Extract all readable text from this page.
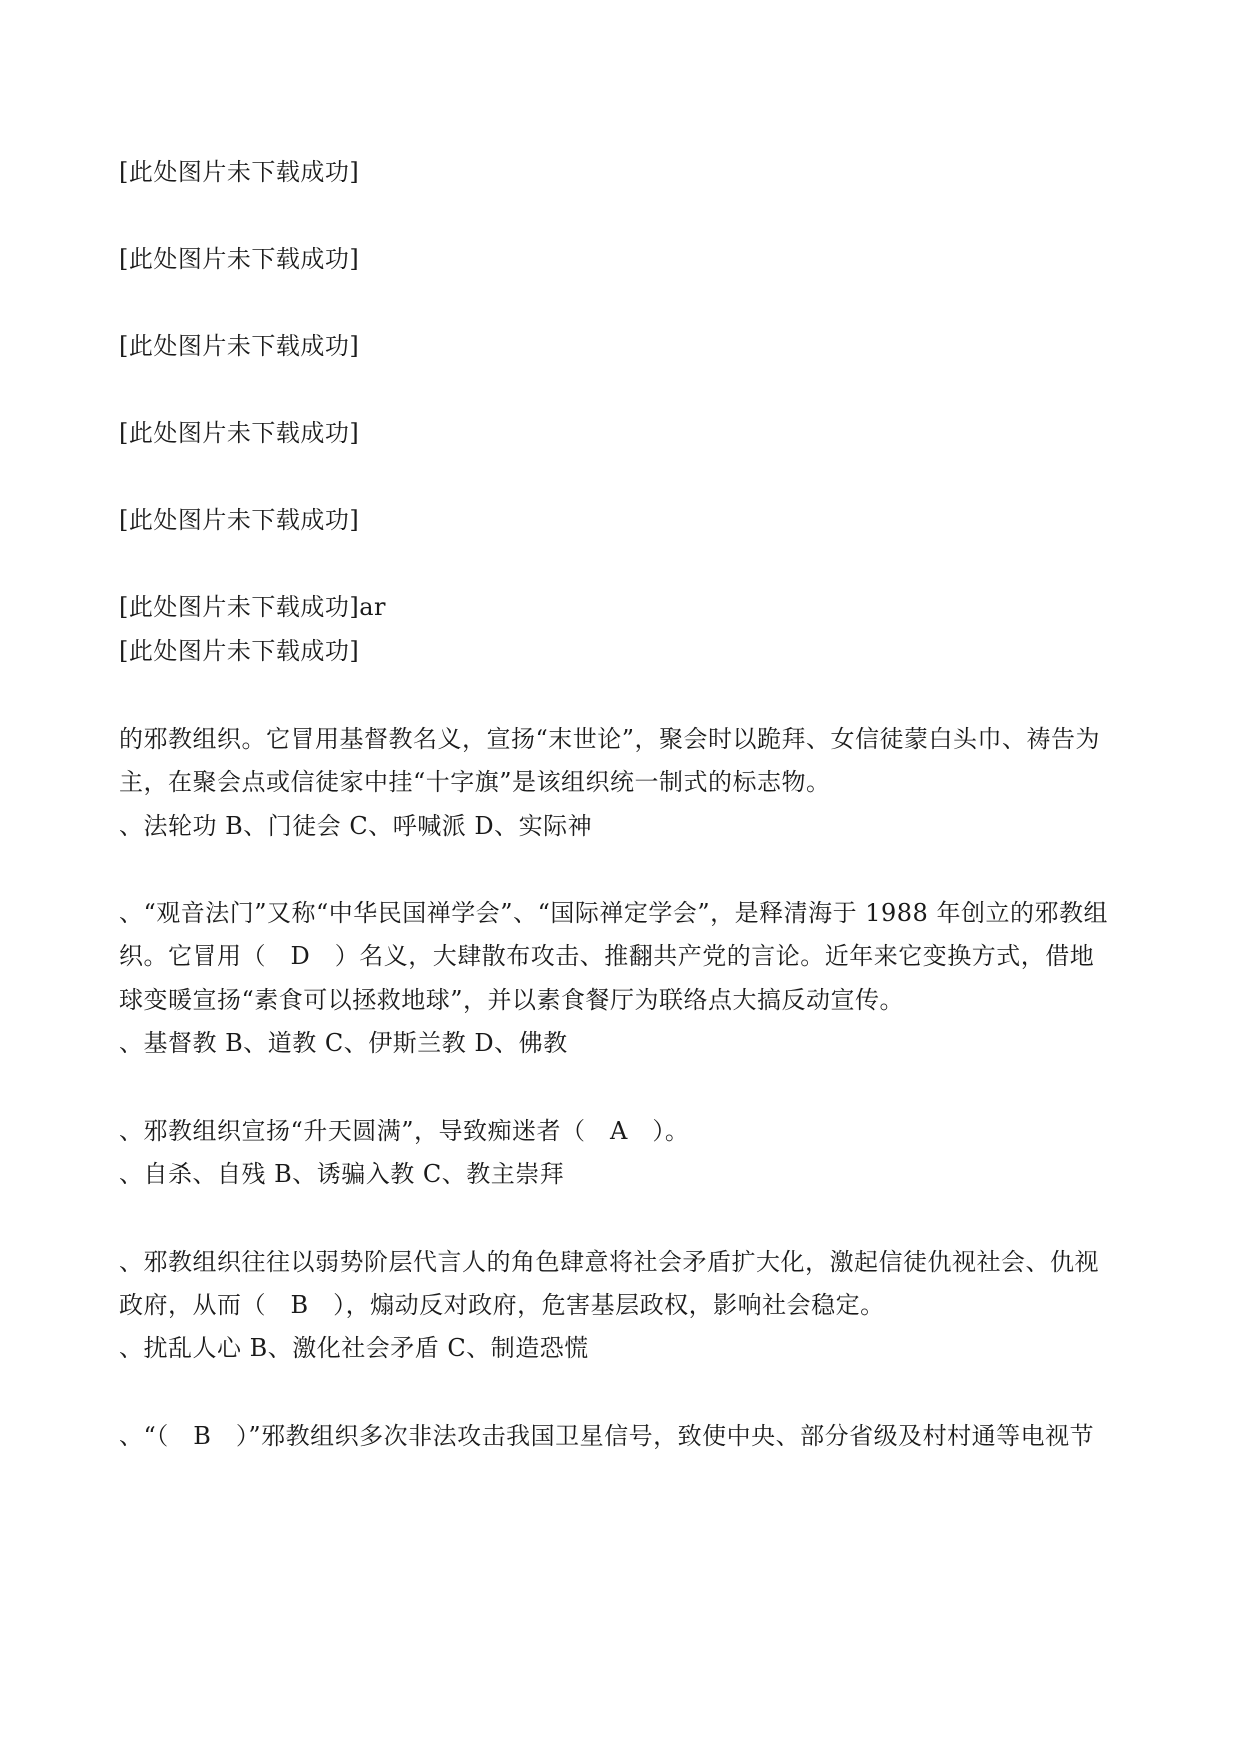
[此处图片未下载成功]
[此处图片未下载成功]
[此处图片未下载成功]
[此处图片未下载成功]
[此处图片未下载成功]
[此处图片未下载成功]ar
[此处图片未下载成功]
的邪教组织。它冒用基督教名义，宣扬“末世论”，聚会时以跪拜、女信徒蒙白头巾、祷告为
主，在聚会点或信徒家中挂“十字旗”是该组织统一制式的标志物。
、法轮功 B、门徒会 C、呼喊派 D、实际神
、“观音法门”又称“中华民国禅学会”、“国际禅定学会”，是释清海于 1988 年创立的邪教组
织。它冒用（　D　）名义，大肆散布攻击、推翻共产党的言论。近年来它变换方式，借地
球变暖宣扬“素食可以拯救地球”，并以素食餐厅为联络点大搞反动宣传。
、基督教 B、道教 C、伊斯兰教 D、佛教
、邪教组织宣扬“升天圆满”，导致痴迷者（　A　）。
、自杀、自残 B、诱骗入教 C、教主崇拜
、邪教组织往往以弱势阶层代言人的角色肆意将社会矛盾扩大化，激起信徒仇视社会、仇视
政府，从而（　B　），煽动反对政府，危害基层政权，影响社会稳定。
、扰乱人心 B、激化社会矛盾 C、制造恐慌
、“（　B　）”邪教组织多次非法攻击我国卫星信号，致使中央、部分省级及村村通等电视节
